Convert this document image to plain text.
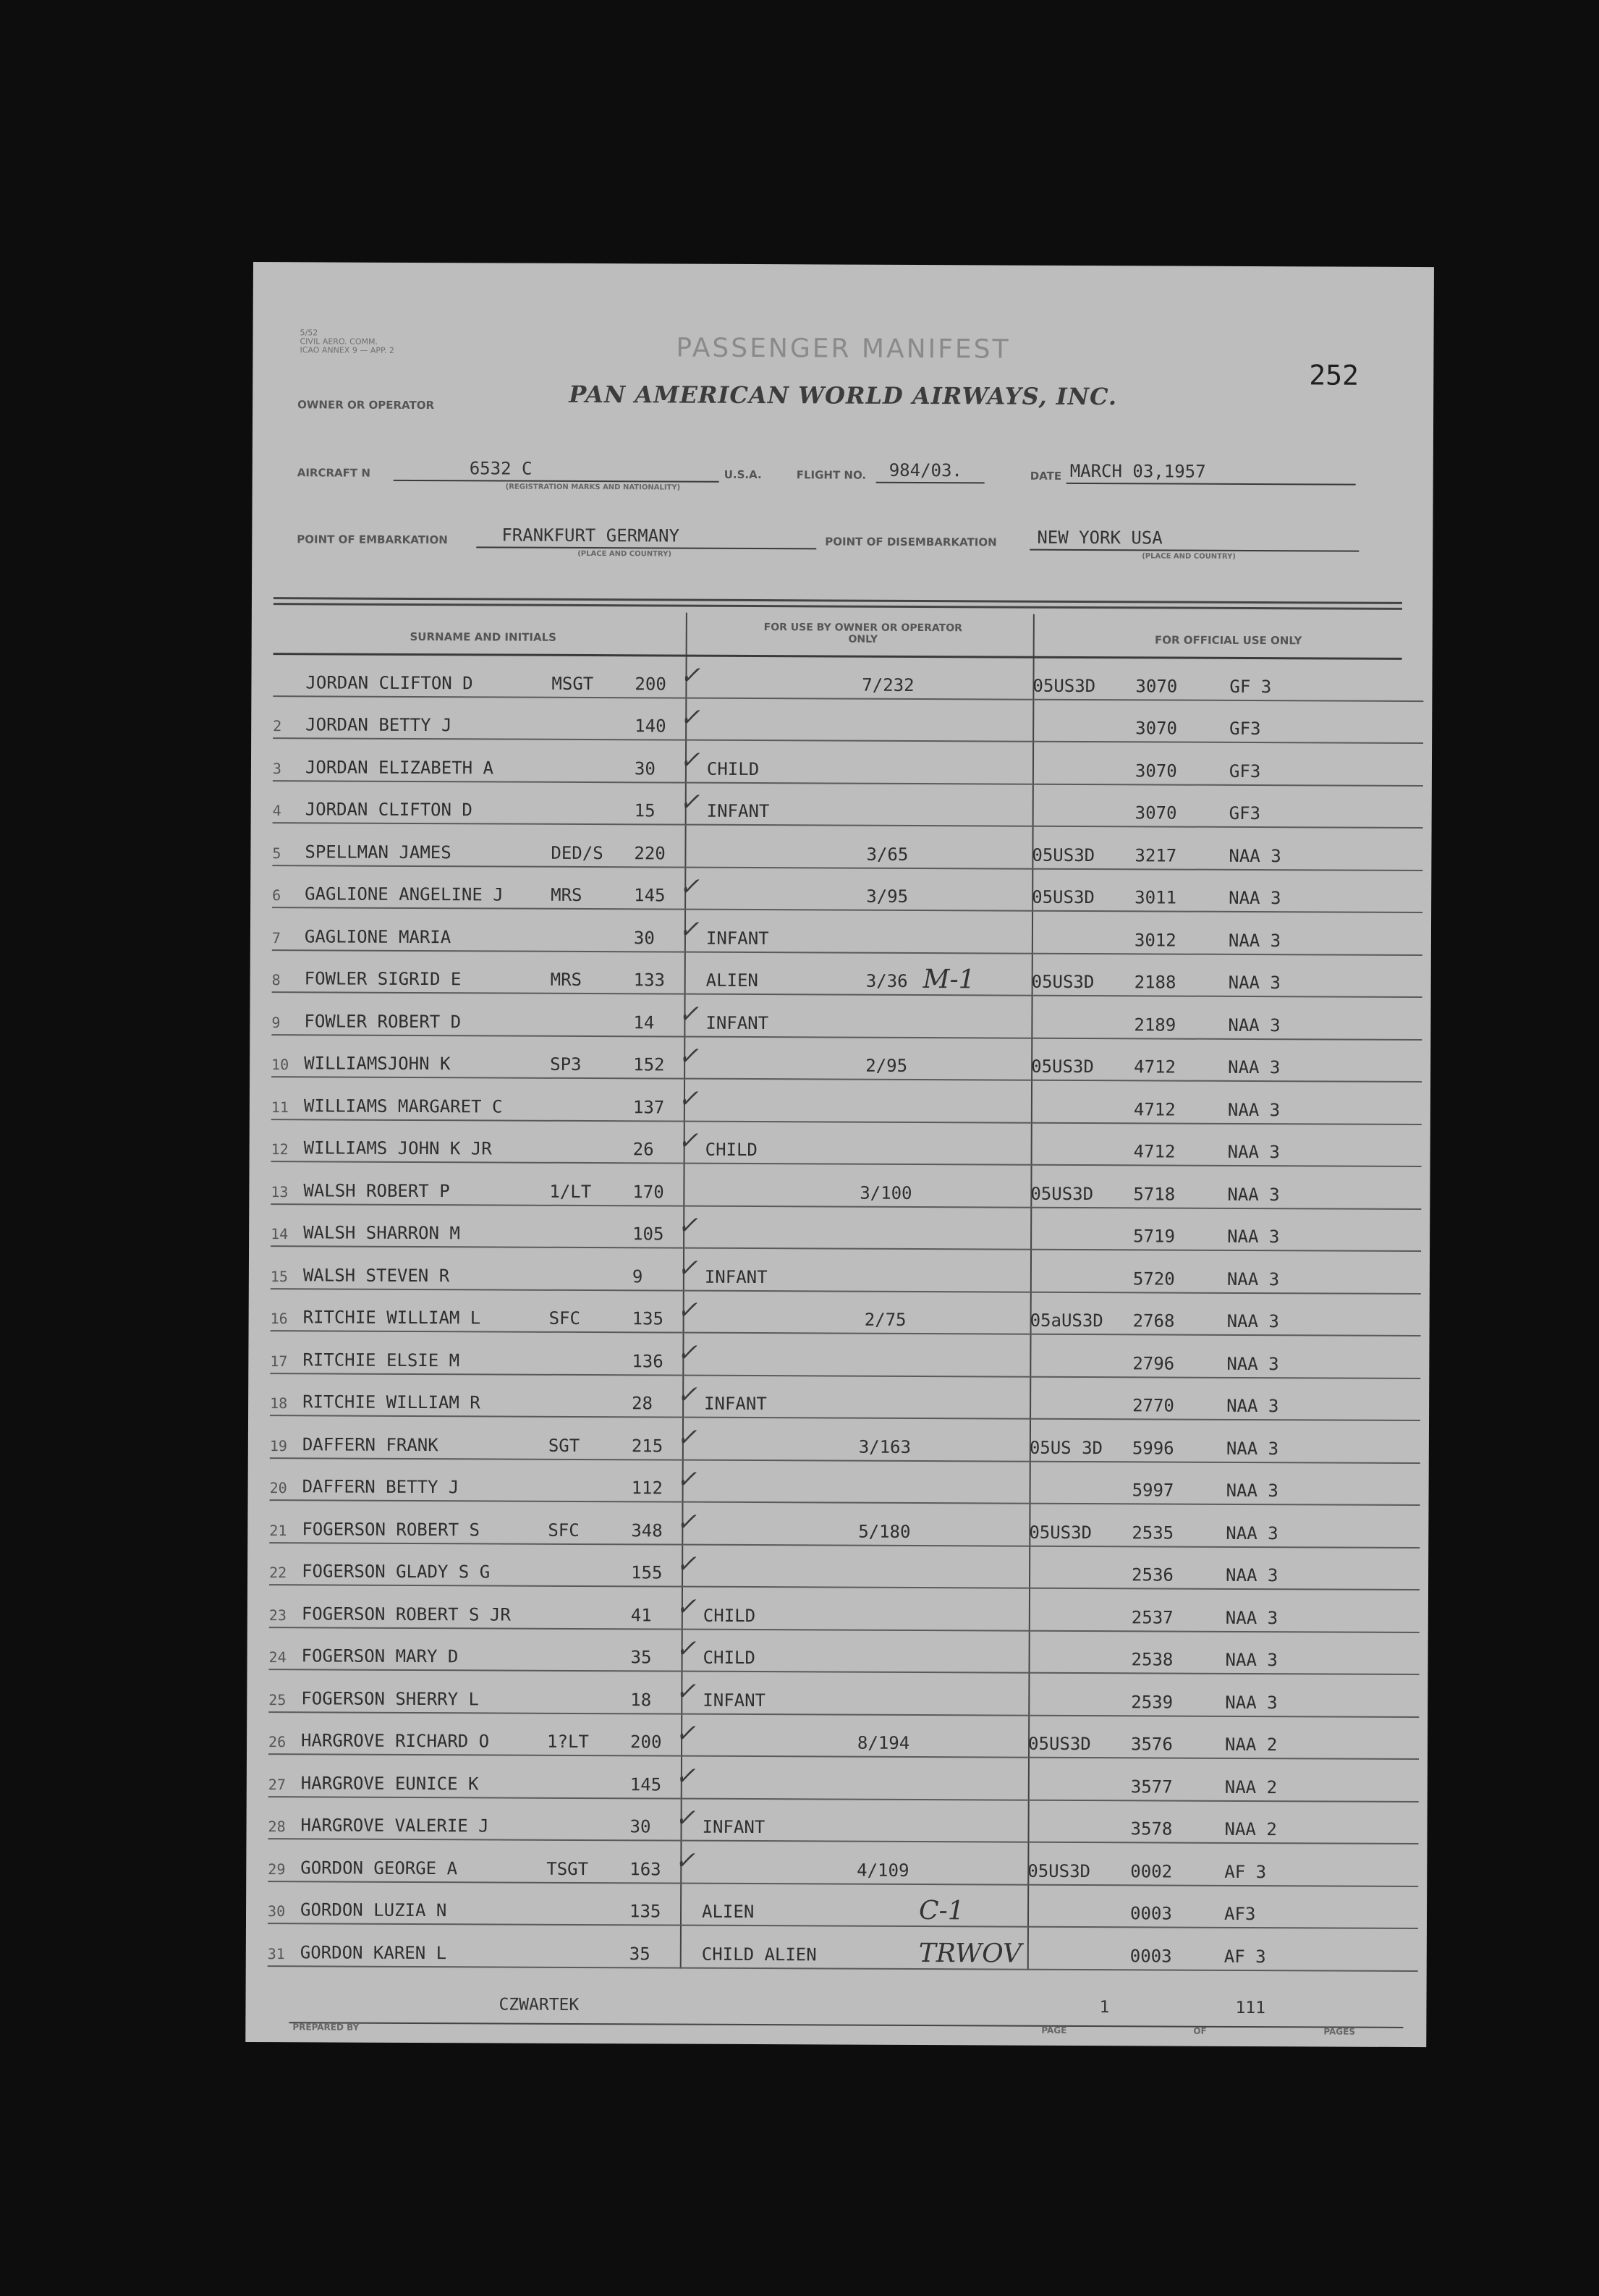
5/52
CIVIL AERO. COMM.
ICAO ANNEX 9 — APP. 2	PASSENGER MANIFEST
252
OWNER OR OPERATOR	PAN AMERICAN WORLD AIRWAYS, INC.
AIRCRAFT N	6532 C
(REGISTRATION MARKS AND NATIONALITY)
U.S.A.	FLIGHT NO. 984/03.	DATE MARCH 03,1957
POINT OF EMBARKATION	FRANKFURT GERMANY
(PLACE AND COUNTRY)
POINT OF DISEMBARKATION NEW YORK USA
(PLACE AND COUNTRY)
SURNAME AND INITIALS
FOR USE BY OWNER OR OPERATOR ONLY	FOR OFFICIAL USE ONLY
JORDAN CLIFTON D	MSGT 200 ✓	7/232	05US3D 3070	GF 3
2	JORDAN BETTY J	140 ✓	3070	GF3
3	JORDAN ELIZABETH A	30 ✓ CHILD	3070	GF3
4	JORDAN CLIFTON D	15 ✓ INFANT	3070	GF3
5	SPELLMAN JAMES	DED/S 220	3/65	05US3D 3217	NAA 3
6	GAGLIONE ANGELINE J	MRS	145 ✓	3/95	05US3D 3011	NAA 3
7	GAGLIONE MARIA	30 ✓ INFANT	3012	NAA 3
8	FOWLER SIGRID E	MRS	133 ALIEN	3/36 M-1	05US3D 2188	NAA 3
9	FOWLER ROBERT D	14 ✓ INFANT	2189	NAA 3
10 WILLIAMSJOHN K	SP3	152 ✓	2/95	05US3D 4712	NAA 3
11 WILLIAMS MARGARET C	137 ✓	4712	NAA 3
12 WILLIAMS JOHN K JR	26 ✓ CHILD	4712	NAA 3
13 WALSH ROBERT P	1/LT 170	3/100	05US3D 5718	NAA 3
14 WALSH SHARRON M	105 ✓	5719	NAA 3
15 WALSH STEVEN R	9 ✓ INFANT	5720	NAA 3
16 RITCHIE WILLIAM L	SFC	135 ✓	2/75	05aUS3D 2768	NAA 3
17 RITCHIE ELSIE M	136 ✓	2796	NAA 3
18 RITCHIE WILLIAM R	28 ✓ INFANT	2770	NAA 3
19 DAFFERN FRANK	SGT	215 ✓	3/163	05US 3D 5996	NAA 3
20 DAFFERN BETTY J	112 ✓	5997	NAA 3
21 FOGERSON ROBERT S	SFC	348 ✓	5/180	05US3D 2535	NAA 3
22 FOGERSON GLADY S G	155 ✓	2536	NAA 3
23 FOGERSON ROBERT S JR	41 ✓ CHILD	2537	NAA 3
24 FOGERSON MARY D	35 ✓ CHILD	2538	NAA 3
25 FOGERSON SHERRY L	18 ✓ INFANT	2539	NAA 3
26 HARGROVE RICHARD O	1?LT 200 ✓	8/194	05US3D 3576	NAA 2
27 HARGROVE EUNICE K	145 ✓	3577	NAA 2
28 HARGROVE VALERIE J	30 ✓ INFANT	3578	NAA 2
29 GORDON GEORGE A	TSGT 163 ✓	4/109	05US3D 0002	AF 3
30 GORDON LUZIA N	135 ALIEN	C-1	0003	AF3
31 GORDON KAREN L	35	CHILD ALIEN	TRWOV	0003	AF 3
CZWARTEK	1	111
PREPARED BY	PAGE	OF	PAGES
